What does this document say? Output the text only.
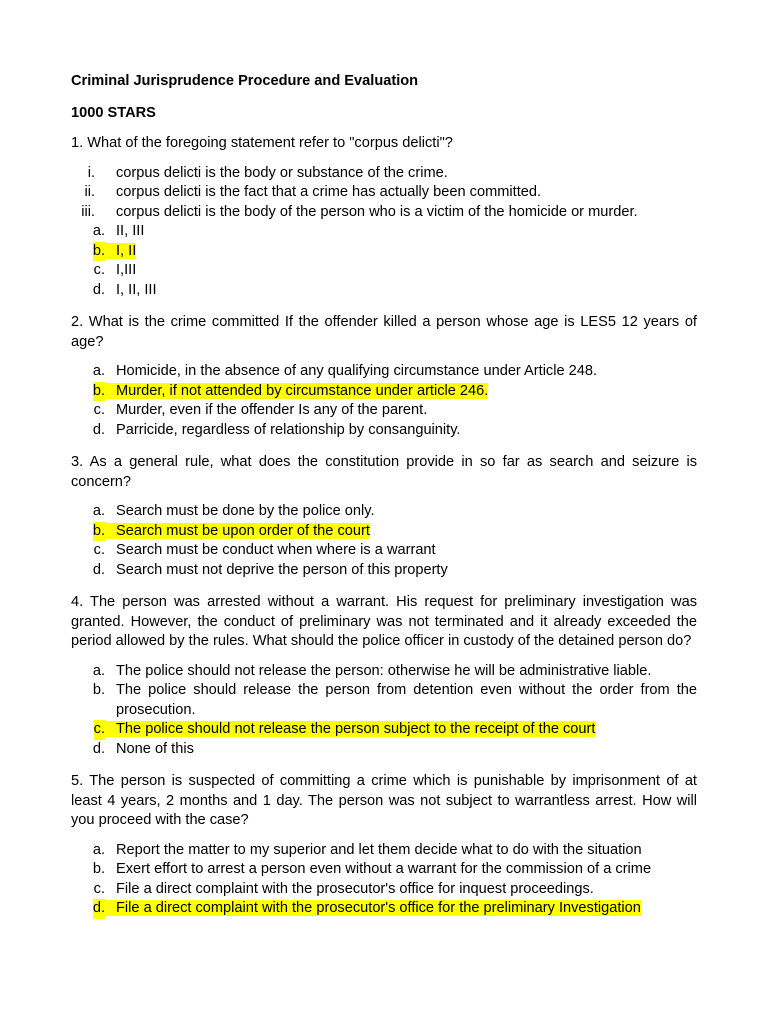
Criminal Jurisprudence Procedure and Evaluation

1000 STARS

1. What of the foregoing statement refer to "corpus delicti"?

i. corpus delicti is the body or substance of the crime.
ii. corpus delicti is the fact that a crime has actually been committed.
iii. corpus delicti is the body of the person who is a victim of the homicide or murder.
a. II, III
b. I, II
c. I,III
d. I, II, III

2. What is the crime committed If the offender killed a person whose age is LES5 12 years of age?

a. Homicide, in the absence of any qualifying circumstance under Article 248.
b. Murder, if not attended by circumstance under article 246.
c. Murder, even if the offender Is any of the parent.
d. Parricide, regardless of relationship by consanguinity.

3. As a general rule, what does the constitution provide in so far as search and seizure is concern?

a. Search must be done by the police only.
b. Search must be upon order of the court
c. Search must be conduct when where is a warrant
d. Search must not deprive the person of this property

4. The person was arrested without a warrant. His request for preliminary investigation was granted. However, the conduct of preliminary was not terminated and it already exceeded the period allowed by the rules. What should the police officer in custody of the detained person do?

a. The police should not release the person: otherwise he will be administrative liable.
b. The police should release the person from detention even without the order from the prosecution.
c. The police should not release the person subject to the receipt of the court
d. None of this

5. The person is suspected of committing a crime which is punishable by imprisonment of at least 4 years, 2 months and 1 day. The person was not subject to warrantless arrest. How will you proceed with the case?

a. Report the matter to my superior and let them decide what to do with the situation
b. Exert effort to arrest a person even without a warrant for the commission of a crime
c. File a direct complaint with the prosecutor's office for inquest proceedings.
d. File a direct complaint with the prosecutor's office for the preliminary Investigation
